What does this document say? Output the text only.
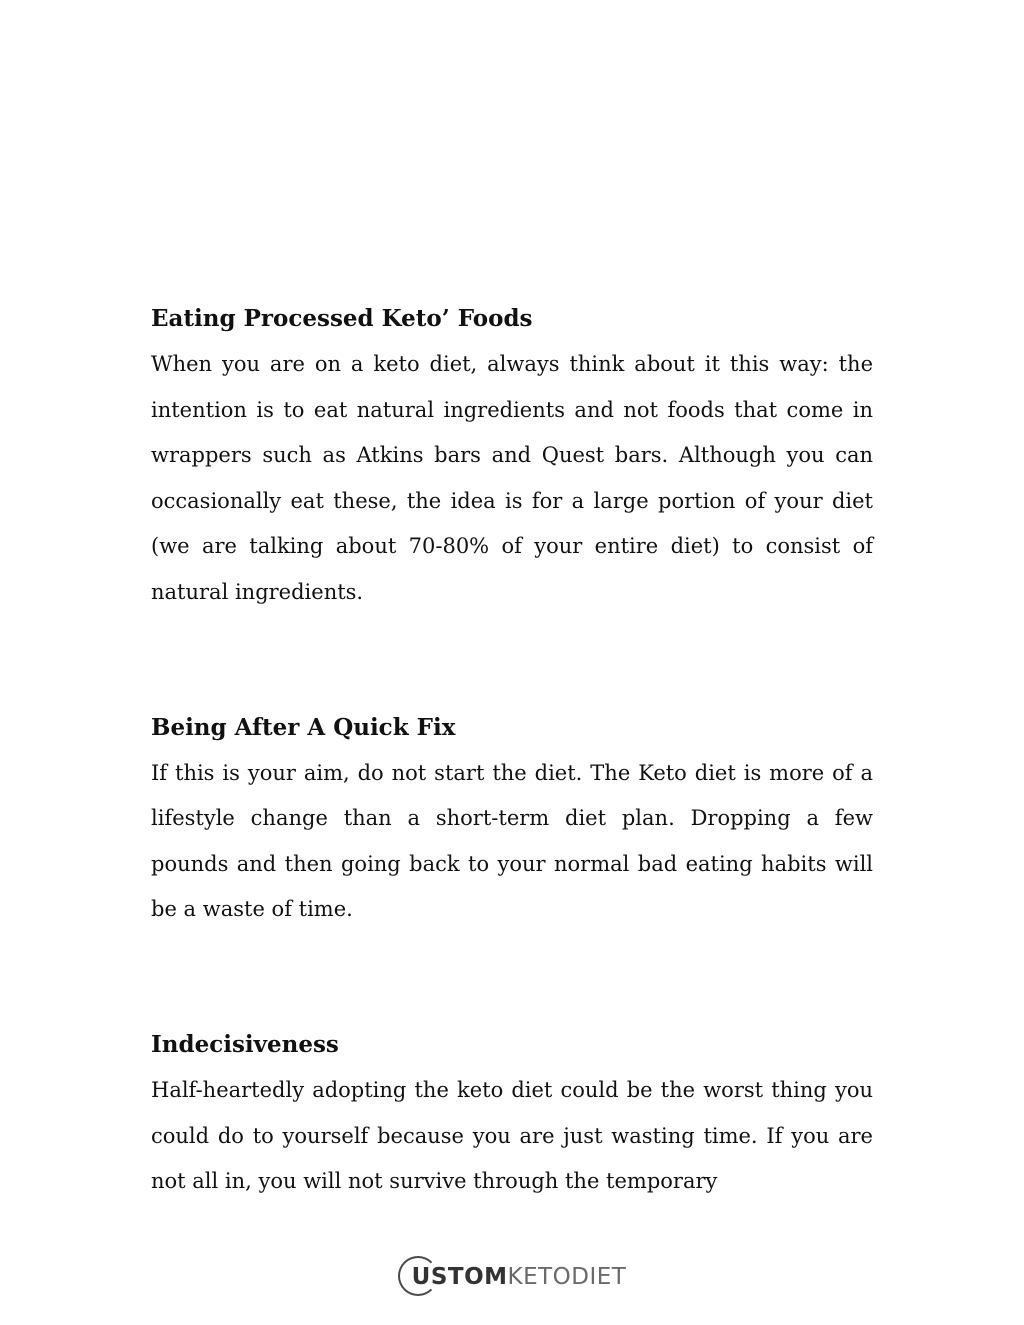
Eating Processed Keto’ Foods

When you are on a keto diet, always think about it this way: the intention is to eat natural ingredients and not foods that come in wrappers such as Atkins bars and Quest bars. Although you can occasionally eat these, the idea is for a large portion of your diet (we are talking about 70-80% of your entire diet) to consist of natural ingredients.

Being After A Quick Fix

If this is your aim, do not start the diet. The Keto diet is more of a lifestyle change than a short-term diet plan. Dropping a few pounds and then going back to your normal bad eating habits will be a waste of time.

Indecisiveness

Half-heartedly adopting the keto diet could be the worst thing you could do to yourself because you are just wasting time. If you are not all in, you will not survive through the temporary

USTOM KETODIET
